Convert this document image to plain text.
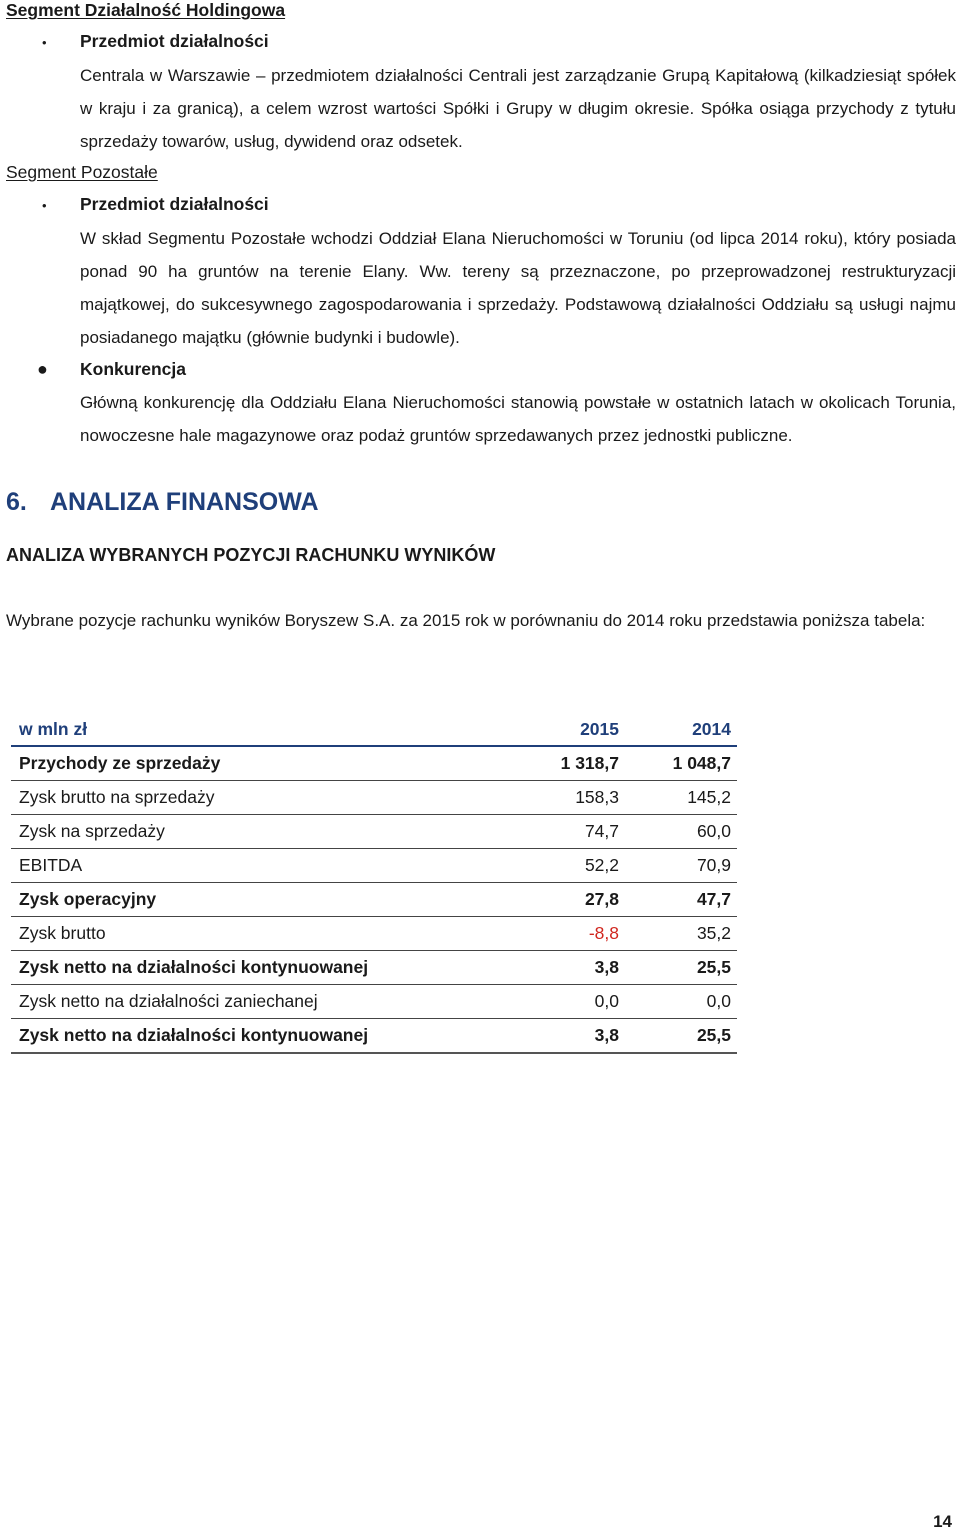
Segment Działalność Holdingowa
• Przedmiot działalności

Centrala w Warszawie – przedmiotem działalności Centrali jest zarządzanie Grupą Kapitałową (kilkadziesiąt spółek w kraju i za granicą), a celem wzrost wartości Spółki i Grupy w długim okresie. Spółka osiąga przychody z tytułu sprzedaży towarów, usług, dywidend oraz odsetek.

Segment Pozostałe
• Przedmiot działalności

W skład Segmentu Pozostałe wchodzi Oddział Elana Nieruchomości w Toruniu (od lipca 2014 roku), który posiada ponad 90 ha gruntów na terenie Elany. Ww. tereny są przeznaczone, po przeprowadzonej restrukturyzacji majątkowej, do sukcesywnego zagospodarowania i sprzedaży. Podstawową działalności Oddziału są usługi najmu posiadanego majątku (głównie budynki i budowle).

● Konkurencja

Główną konkurencję dla Oddziału Elana Nieruchomości stanowią powstałe w ostatnich latach w okolicach Torunia, nowoczesne hale magazynowe oraz podaż gruntów sprzedawanych przez jednostki publiczne.

6. ANALIZA FINANSOWA
ANALIZA WYBRANYCH POZYCJI RACHUNKU WYNIKÓW

Wybrane pozycje rachunku wyników Boryszew S.A. za 2015 rok w porównaniu do 2014 roku przedstawia poniższa tabela:

w mln zł	2015	2014
Przychody ze sprzedaży	1 318,7	1 048,7
Zysk brutto na sprzedaży	158,3	145,2
Zysk na sprzedaży	74,7	60,0
EBITDA	52,2	70,9
Zysk operacyjny	27,8	47,7
Zysk brutto	-8,8	35,2
Zysk netto na działalności kontynuowanej	3,8	25,5
Zysk netto na działalności zaniechanej	0,0	0,0
Zysk netto na działalności kontynuowanej	3,8	25,5
14
